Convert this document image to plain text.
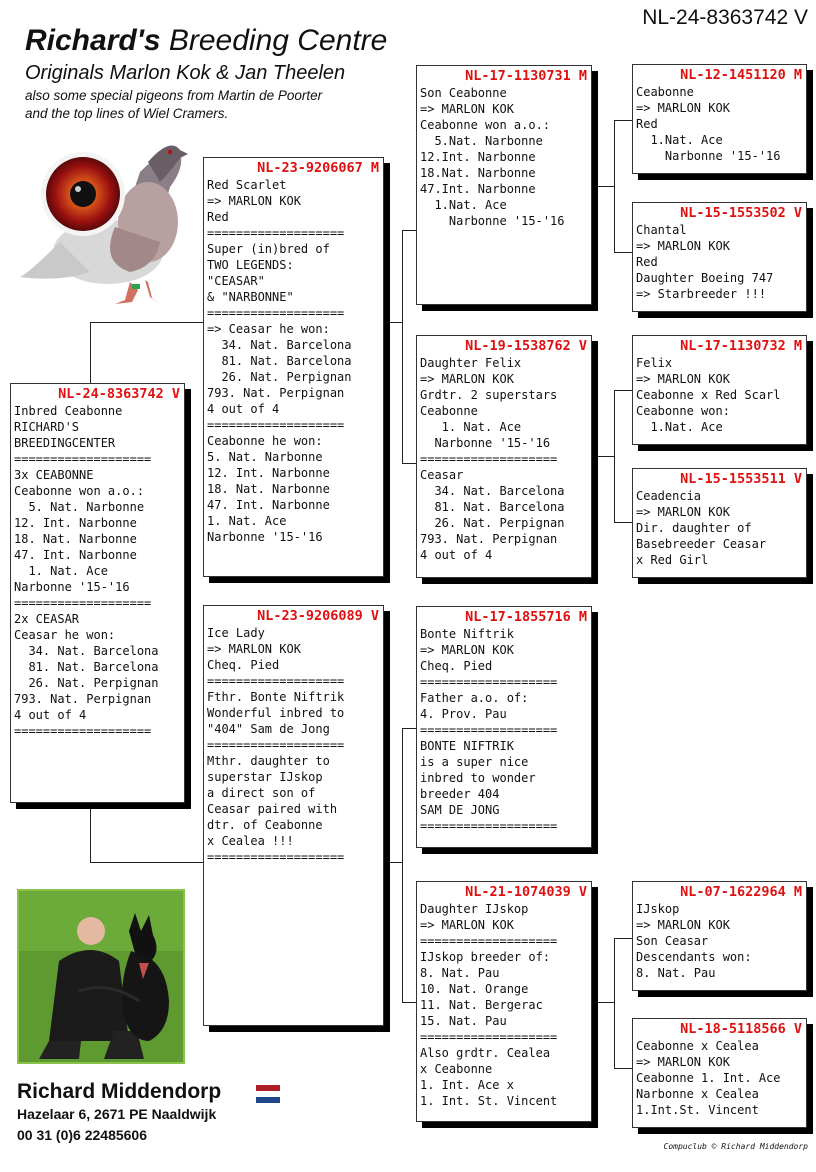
NL-24-8363742 V
Richard's Breeding Centre
Originals Marlon Kok & Jan Theelen
also some special pigeons from Martin de Poorter
and the top lines of Wiel Cramers.
NL-24-8363742 V
Inbred Ceabonne
RICHARD'S
BREEDINGCENTER
===================
3x CEABONNE
Ceabonne won a.o.:
5. Nat. Narbonne
12. Int. Narbonne
18. Nat. Narbonne
47. Int. Narbonne
1. Nat. Ace
Narbonne '15-'16
===================
2x CEASAR
Ceasar he won:
34. Nat. Barcelona
81. Nat. Barcelona
26. Nat. Perpignan
793. Nat. Perpignan
4 out of 4
===================
NL-23-9206067 M
Red Scarlet
=> MARLON KOK
Red
===================
Super (in)bred of
TWO LEGENDS:
"CEASAR"
& "NARBONNE"
===================
=> Ceasar he won:
34. Nat. Barcelona
81. Nat. Barcelona
26. Nat. Perpignan
793. Nat. Perpignan
4 out of 4
===================
Ceabonne he won:
5. Nat. Narbonne
12. Int. Narbonne
18. Nat. Narbonne
47. Int. Narbonne
1. Nat. Ace
Narbonne '15-'16
NL-23-9206089 V
Ice Lady
=> MARLON KOK
Cheq. Pied
===================
Fthr. Bonte Niftrik
Wonderful inbred to
"404" Sam de Jong
===================
Mthr. daughter to
superstar IJskop
a direct son of
Ceasar paired with
dtr. of Ceabonne
x Cealea !!!
===================
NL-17-1130731 M
Son Ceabonne
=> MARLON KOK
Ceabonne won a.o.:
5.Nat. Narbonne
12.Int. Narbonne
18.Nat. Narbonne
47.Int. Narbonne
1.Nat. Ace
Narbonne '15-'16
NL-19-1538762 V
Daughter Felix
=> MARLON KOK
Grdtr. 2 superstars
Ceabonne
1. Nat. Ace
Narbonne '15-'16
===================
Ceasar
34. Nat. Barcelona
81. Nat. Barcelona
26. Nat. Perpignan
793. Nat. Perpignan
4 out of 4
NL-17-1855716 M
Bonte Niftrik
=> MARLON KOK
Cheq. Pied
===================
Father a.o. of:
4. Prov. Pau
===================
BONTE NIFTRIK
is a super nice
inbred to wonder
breeder 404
SAM DE JONG
===================
NL-21-1074039 V
Daughter IJskop
=> MARLON KOK
===================
IJskop breeder of:
8. Nat. Pau
10. Nat. Orange
11. Nat. Bergerac
15. Nat. Pau
===================
Also grdtr. Cealea
x Ceabonne
1. Int. Ace x
1. Int. St. Vincent
NL-12-1451120 M
Ceabonne
=> MARLON KOK
Red
1.Nat. Ace
Narbonne '15-'16
NL-15-1553502 V
Chantal
=> MARLON KOK
Red
Daughter Boeing 747
=> Starbreeder !!!
NL-17-1130732 M
Felix
=> MARLON KOK
Ceabonne x Red Scarl
Ceabonne won:
1.Nat. Ace
NL-15-1553511 V
Ceadencia
=> MARLON KOK
Dir. daughter of
Basebreeder Ceasar
x Red Girl
NL-07-1622964 M
IJskop
=> MARLON KOK
Son Ceasar
Descendants won:
8. Nat. Pau
NL-18-5118566 V
Ceabonne x Cealea
=> MARLON KOK
Ceabonne 1. Int. Ace
Narbonne x Cealea
1.Int.St. Vincent
Richard Middendorp
Hazelaar 6, 2671 PE Naaldwijk
00 31 (0)6 22485606
Compuclub © Richard Middendorp
